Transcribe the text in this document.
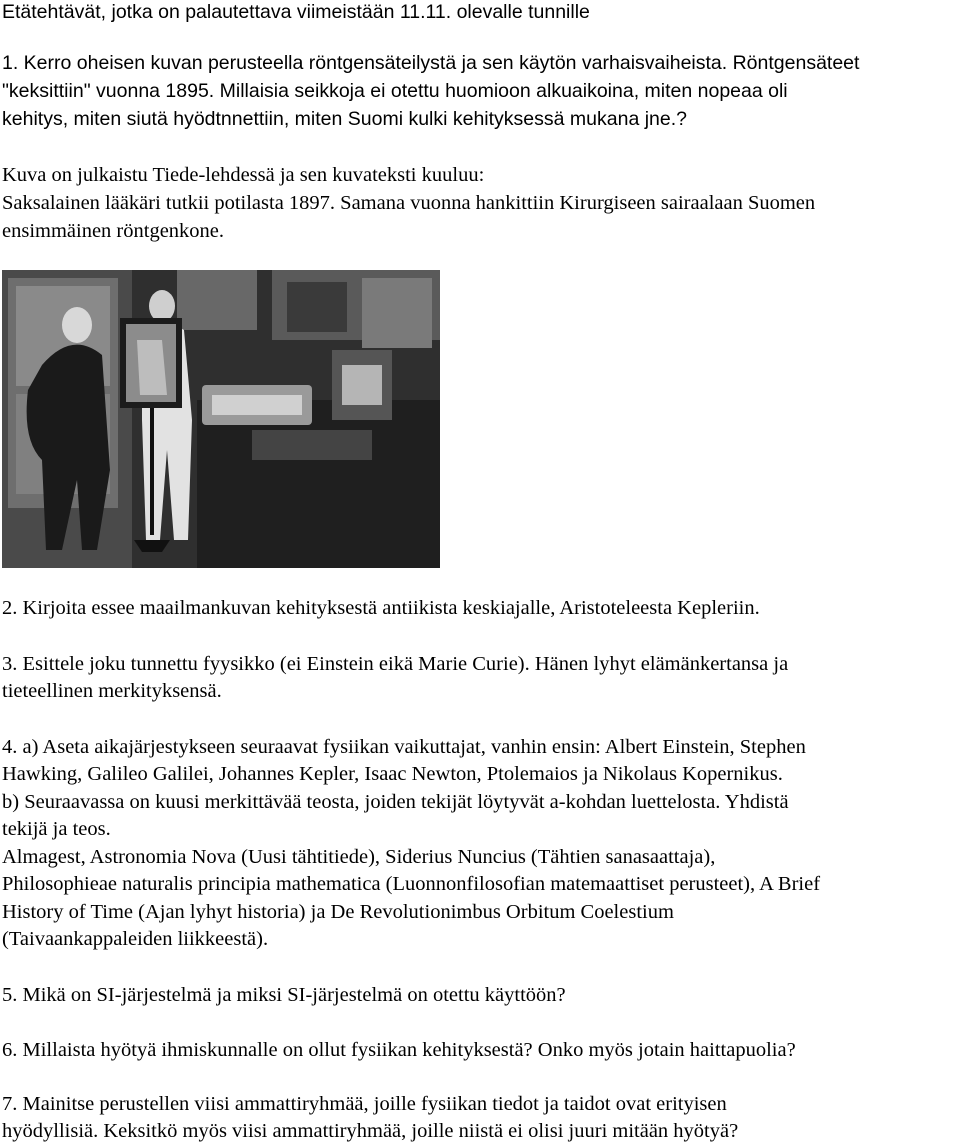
Etätehtävät, jotka on palautettava viimeistään 11.11. olevalle tunnille
1. Kerro oheisen kuvan perusteella röntgensäteilystä ja sen käytön varhaisvaiheista. Röntgensäteet
"keksittiin" vuonna 1895. Millaisia seikkoja ei otettu huomioon alkuaikoina, miten nopeaa oli
kehitys, miten siutä hyödtnnettiin, miten Suomi kulki kehityksessä mukana jne.?
Kuva on julkaistu Tiede-lehdessä ja sen kuvateksti kuuluu:
Saksalainen lääkäri tutkii potilasta 1897. Samana vuonna hankittiin Kirurgiseen sairaalaan Suomen
ensimmäinen röntgenkone.
2. Kirjoita essee maailmankuvan kehityksestä antiikista keskiajalle, Aristoteleesta Kepleriin.
3. Esittele joku tunnettu fyysikko (ei Einstein eikä Marie Curie). Hänen lyhyt elämänkertansa ja
tieteellinen merkityksensä.
4. a) Aseta aikajärjestykseen seuraavat fysiikan vaikuttajat, vanhin ensin: Albert Einstein, Stephen
Hawking, Galileo Galilei, Johannes Kepler, Isaac Newton, Ptolemaios ja Nikolaus Kopernikus.
b) Seuraavassa on kuusi merkittävää teosta, joiden tekijät löytyvät a-kohdan luettelosta. Yhdistä
tekijä ja teos.
Almagest, Astronomia Nova (Uusi tähtitiede), Siderius Nuncius (Tähtien sanasaattaja),
Philosophieae naturalis principia mathematica (Luonnonfilosofian matemaattiset perusteet), A Brief
History of Time (Ajan lyhyt historia) ja De Revolutionimbus Orbitum Coelestium
(Taivaankappaleiden liikkeestä).
5. Mikä on SI-järjestelmä ja miksi SI-järjestelmä on otettu käyttöön?
6. Millaista hyötyä ihmiskunnalle on ollut fysiikan kehityksestä? Onko myös jotain haittapuolia?
7. Mainitse perustellen viisi ammattiryhmää, joille fysiikan tiedot ja taidot ovat erityisen
hyödyllisiä. Keksitkö myös viisi ammattiryhmää, joille niistä ei olisi juuri mitään hyötyä?
